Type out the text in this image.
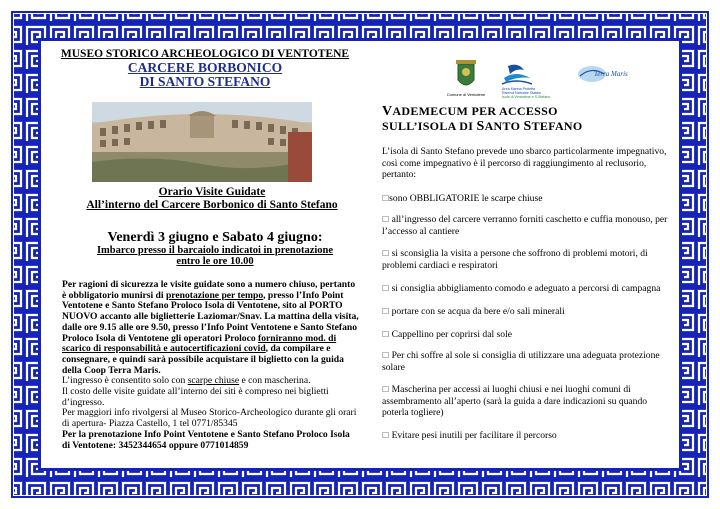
MUSEO STORICO ARCHEOLOGICO DI VENTOTENE
CARCERE BORBONICO
DI SANTO STEFANO
Orario Visite Guidate
All’interno del Carcere Borbonico di Santo Stefano
Venerdì 3 giugno e Sabato 4 giugno:
Imbarco presso il barcaiolo indicatoi in prenotazione
entro le ore 10.00
Per ragioni di sicurezza le visite guidate sono a numero chiuso, pertanto è obbligatorio munirsi di prenotazione per tempo, presso l’Info Point Ventotene e Santo Stefano Proloco Isola di Ventotene, sito al PORTO NUOVO accanto alle biglietterie Laziomar/Snav. La mattina della visita, dalle ore 9.15 alle ore 9.50, presso l’Info Point Ventotene e Santo Stefano Proloco Isola di Ventotene gli operatori Proloco forniranno mod. di scarico di responsabilità e autocertificazioni covid, da compilare e consegnare, e quindi sarà possibile acquistare il biglietto con la guida della Coop Terra Maris.
L’ingresso è consentito solo con scarpe chiuse e con mascherina.
Il costo delle visite guidate all’interno dei siti è compreso nei biglietti d’ingresso.
Per maggiori info rivolgersi al Museo Storico-Archeologico durante gli orari di apertura- Piazza Castello, 1 tel 0771/85345
Per la prenotazione Info Point Ventotene e Santo Stefano Proloco Isola di Ventotene: 3452344654 oppure 0771014859
Comune di Ventotene
Area Marina Protetta
Riserva Naturale Statale
Isole di Ventotene e S.Stefano
Terra Maris
VADEMECUM PER ACCESSO
SULL’ISOLA DI SANTO STEFANO
L’isola di Santo Stefano prevede uno sbarco particolarmente impegnativo, così come impegnativo è il percorso di raggiungimento al reclusorio, pertanto:
☐sono OBBLIGATORIE le scarpe chiuse
☐ all’ingresso del carcere verranno forniti caschetto e cuffia monouso, per l’accesso al cantiere
☐ si sconsiglia la visita a persone che soffrono di problemi motori, di problemi cardiaci e respiratori
☐ si consiglia abbigliamento comodo e adeguato a percorsi di campagna
☐ portare con se acqua da bere e/o sali minerali
☐ Cappellino per coprirsi dal sole
☐ Per chi soffre al sole si consiglia di utilizzare una adeguata protezione solare
☐ Mascherina per accessi ai luoghi chiusi e nei luoghi comuni di assembramento all’aperto (sarà la guida a dare indicazioni su quando poterla togliere)
☐ Evitare pesi inutili per facilitare il percorso
